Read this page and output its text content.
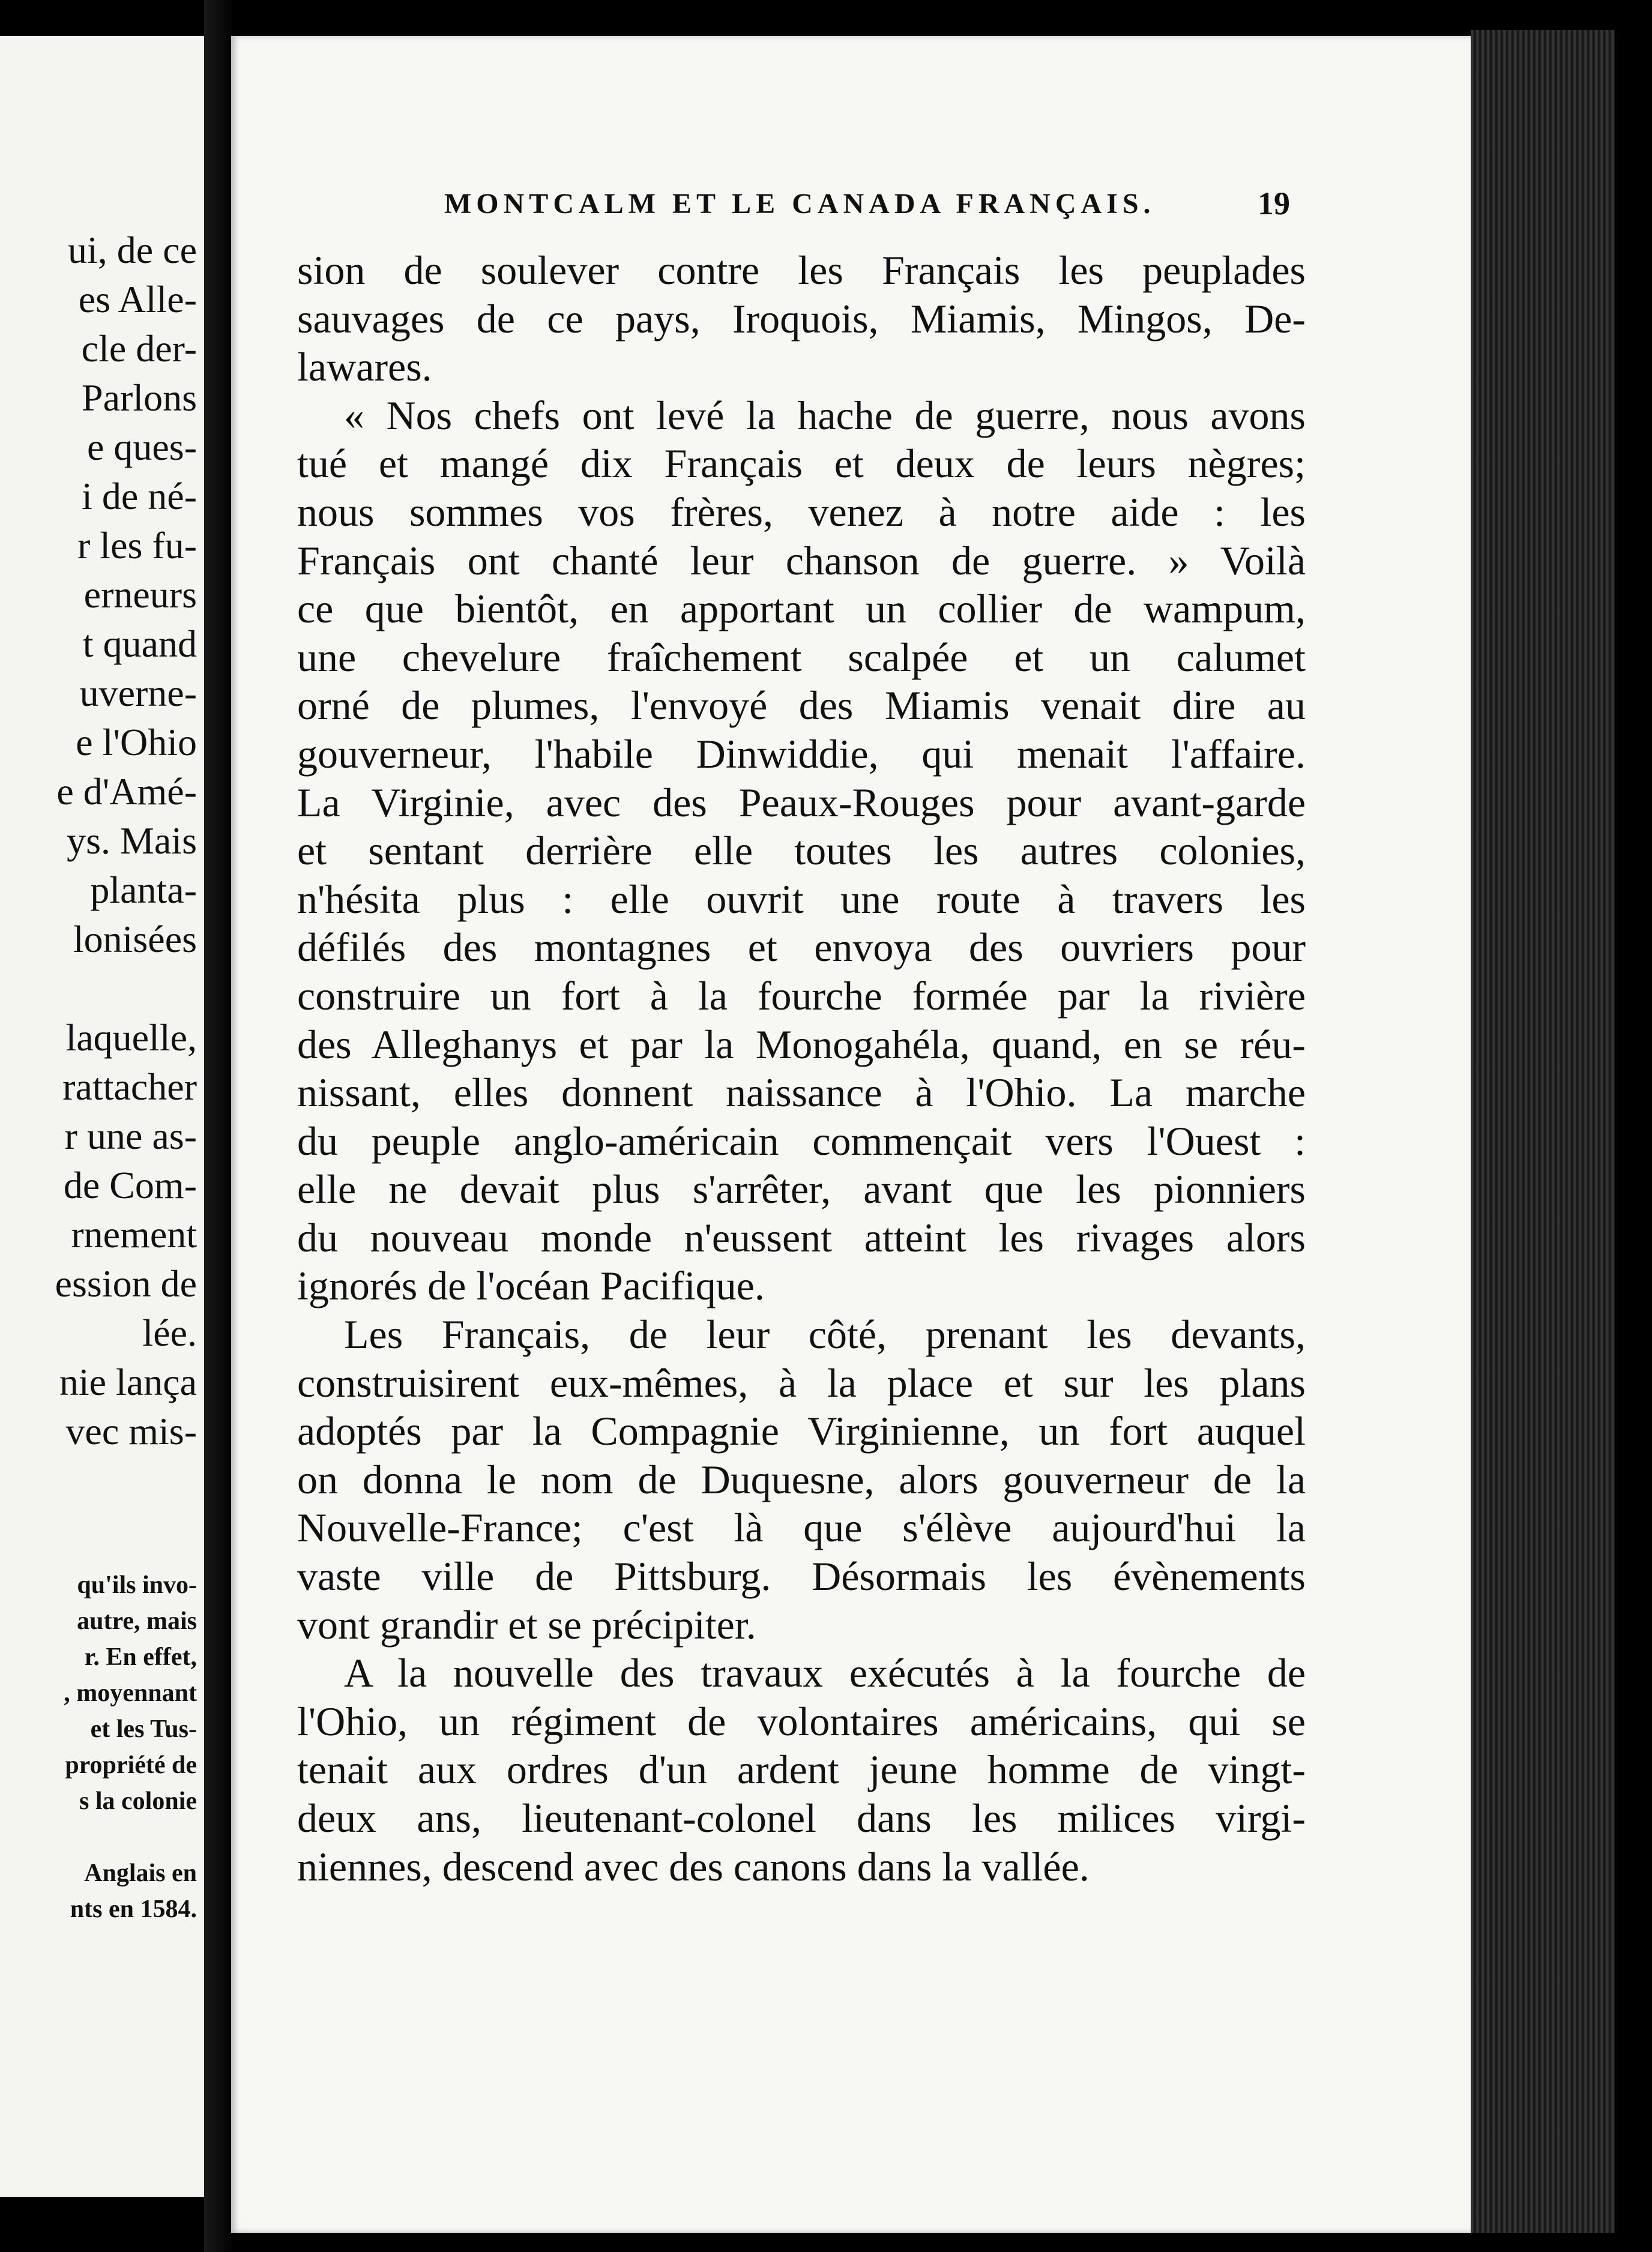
ui, de ce
es Alle-
cle der-
Parlons
e ques-
i de né-
r les fu-
erneurs
t quand
uverne-
e l'Ohio
e d'Amé-
ys. Mais
planta-
lonisées
laquelle,
rattacher
r une as-
de Com-
rnement
ession de
lée.
nie lança
vec mis-
qu'ils invo-
autre, mais
r. En effet,
, moyennant
et les Tus-
propriété de
s la colonie
Anglais en
nts en 1584.
MONTCALM ET LE CANADA FRANÇAIS.	19
sion de soulever contre les Français les peuplades
sauvages de ce pays, Iroquois, Miamis, Mingos, De-
lawares.
« Nos chefs ont levé la hache de guerre, nous avons
tué et mangé dix Français et deux de leurs nègres;
nous sommes vos frères, venez à notre aide : les
Français ont chanté leur chanson de guerre. » Voilà
ce que bientôt, en apportant un collier de wampum,
une chevelure fraîchement scalpée et un calumet
orné de plumes, l'envoyé des Miamis venait dire au
gouverneur, l'habile Dinwiddie, qui menait l'affaire.
La Virginie, avec des Peaux-Rouges pour avant-garde
et sentant derrière elle toutes les autres colonies,
n'hésita plus : elle ouvrit une route à travers les
défilés des montagnes et envoya des ouvriers pour
construire un fort à la fourche formée par la rivière
des Alleghanys et par la Monogahéla, quand, en se réu-
nissant, elles donnent naissance à l'Ohio. La marche
du peuple anglo-américain commençait vers l'Ouest :
elle ne devait plus s'arrêter, avant que les pionniers
du nouveau monde n'eussent atteint les rivages alors
ignorés de l'océan Pacifique.
Les Français, de leur côté, prenant les devants,
construisirent eux-mêmes, à la place et sur les plans
adoptés par la Compagnie Virginienne, un fort auquel
on donna le nom de Duquesne, alors gouverneur de la
Nouvelle-France; c'est là que s'élève aujourd'hui la
vaste ville de Pittsburg. Désormais les évènements
vont grandir et se précipiter.
A la nouvelle des travaux exécutés à la fourche de
l'Ohio, un régiment de volontaires américains, qui se
tenait aux ordres d'un ardent jeune homme de vingt-
deux ans, lieutenant-colonel dans les milices virgi-
niennes, descend avec des canons dans la vallée.
